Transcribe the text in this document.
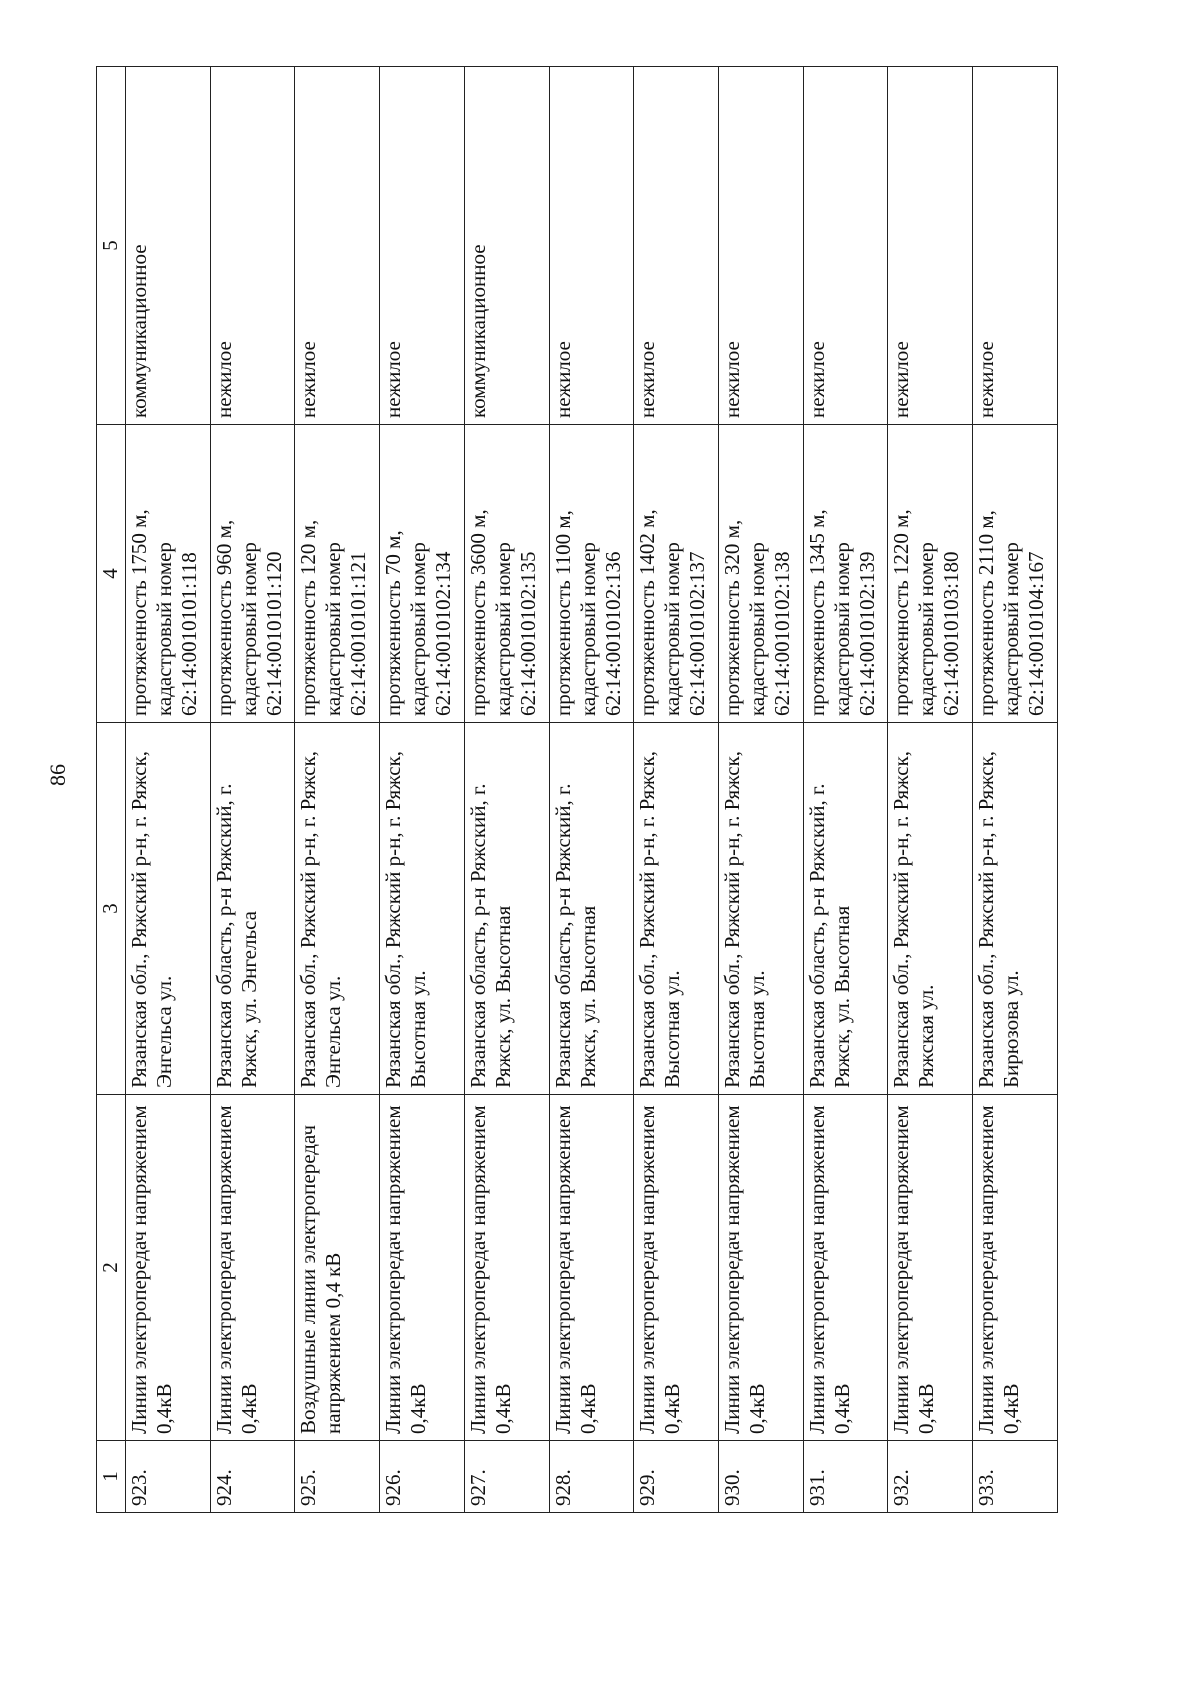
86
1	2	3	4	5
923.	Линии электропередач напряжением 0,4кВ	Рязанская обл., Ряжский р-н, г. Ряжск, Энгельса ул.	протяженность 1750 м, кадастровый номер 62:14:0010101:118	коммуникационное
924.	Линии электропередач напряжением 0,4кВ	Рязанская область, р-н Ряжский, г. Ряжск, ул. Энгельса	протяженность 960 м, кадастровый номер 62:14:0010101:120	нежилое
925.	Воздушные линии электропередач напряжением 0,4 кВ	Рязанская обл., Ряжский р-н, г. Ряжск, Энгельса ул.	протяженность 120 м, кадастровый номер 62:14:0010101:121	нежилое
926.	Линии электропередач напряжением 0,4кВ	Рязанская обл., Ряжский р-н, г. Ряжск, Высотная ул.	протяженность 70 м, кадастровый номер 62:14:0010102:134	нежилое
927.	Линии электропередач напряжением 0,4кВ	Рязанская область, р-н Ряжский, г. Ряжск, ул. Высотная	протяженность 3600 м, кадастровый номер 62:14:0010102:135	коммуникационное
928.	Линии электропередач напряжением 0,4кВ	Рязанская область, р-н Ряжский, г. Ряжск, ул. Высотная	протяженность 1100 м, кадастровый номер 62:14:0010102:136	нежилое
929.	Линии электропередач напряжением 0,4кВ	Рязанская обл., Ряжский р-н, г. Ряжск, Высотная ул.	протяженность 1402 м, кадастровый номер 62:14:0010102:137	нежилое
930.	Линии электропередач напряжением 0,4кВ	Рязанская обл., Ряжский р-н, г. Ряжск, Высотная ул.	протяженность 320 м, кадастровый номер 62:14:0010102:138	нежилое
931.	Линии электропередач напряжением 0,4кВ	Рязанская область, р-н Ряжский, г. Ряжск, ул. Высотная	протяженность 1345 м, кадастровый номер 62:14:0010102:139	нежилое
932.	Линии электропередач напряжением 0,4кВ	Рязанская обл., Ряжский р-н, г. Ряжск, Ряжская ул.	протяженность 1220 м, кадастровый номер 62:14:0010103:180	нежилое
933.	Линии электропередач напряжением 0,4кВ	Рязанская обл., Ряжский р-н, г. Ряжск, Бирюзова ул.	протяженность 2110 м, кадастровый номер 62:14:0010104:167	нежилое
